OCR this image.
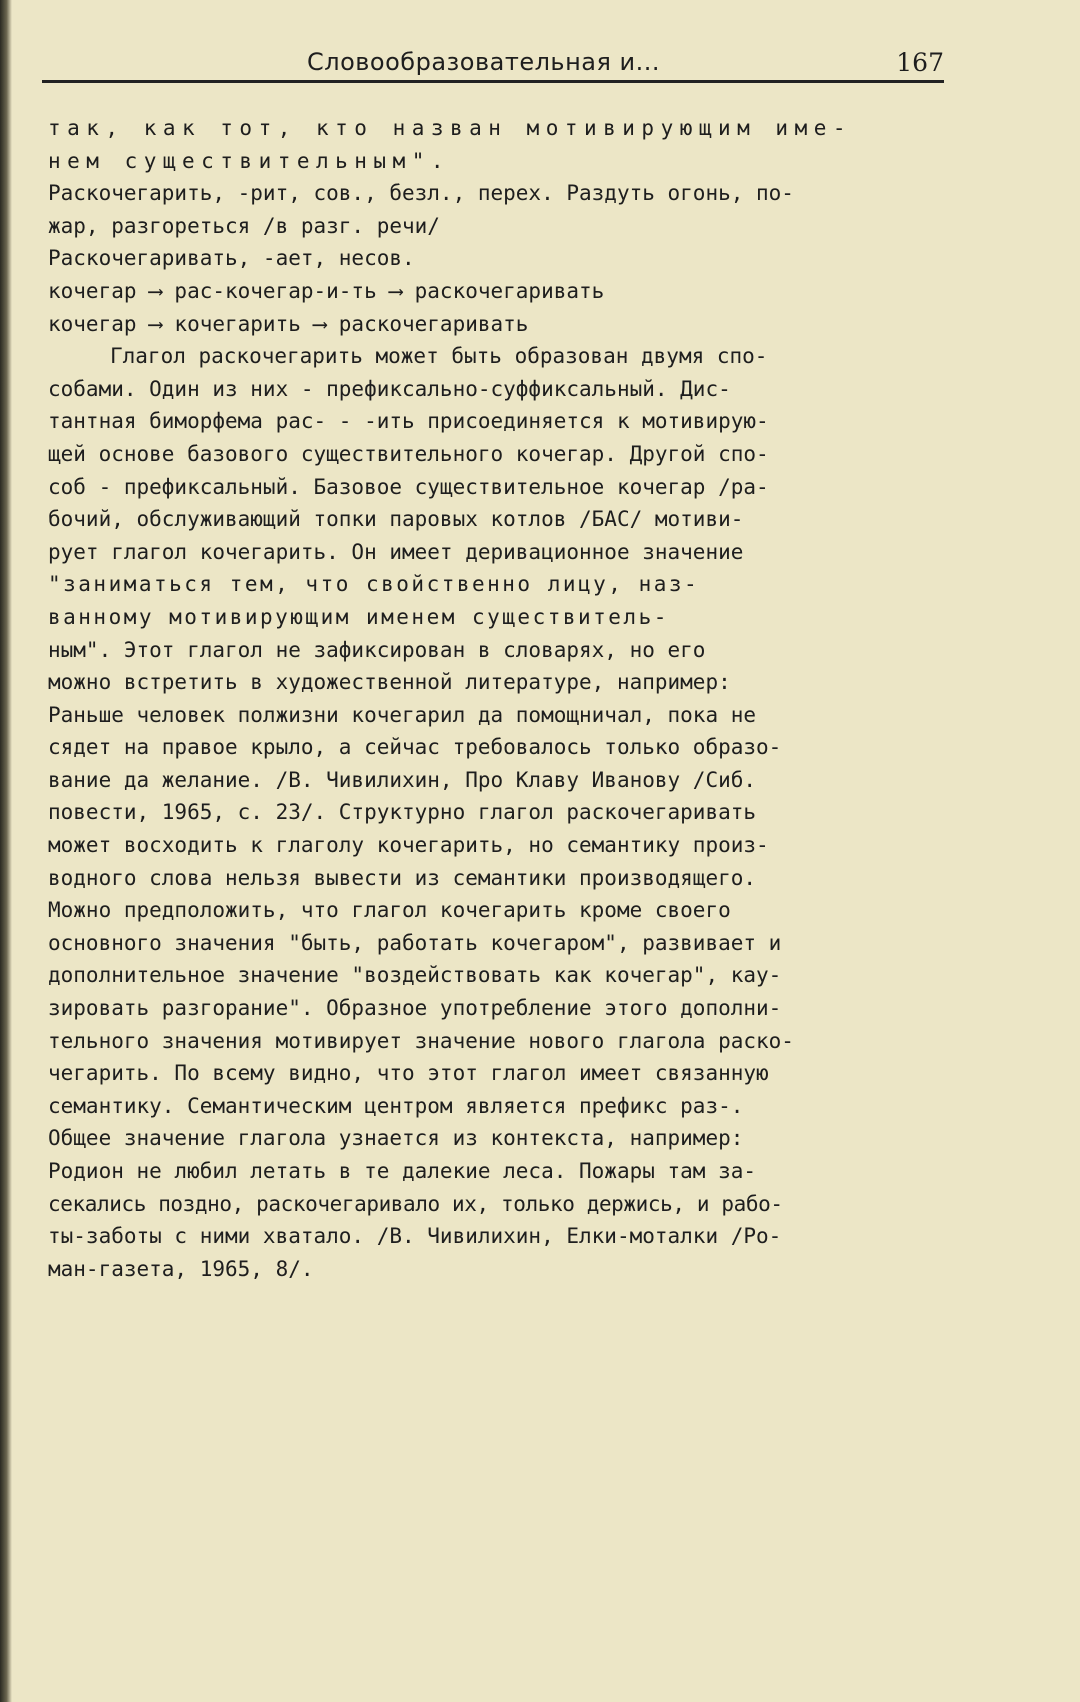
Словообразовательная и...	167
так, как тот, кто назван мотивирующим име-
нем существительным".
Раскочегарить, -рит, сов., безл., перех. Раздуть огонь, по-
жар, разгореться /в разг. речи/
Раскочегаривать, -ает, несов.
кочегар ⟶ рас-кочегар-и-ть ⟶ раскочегаривать
кочегар ⟶ кочегарить ⟶ раскочегаривать
Глагол раскочегарить может быть образован двумя спо-
собами. Один из них - префиксально-суффиксальный. Дис-
тантная биморфема рас- - -ить присоединяется к мотивирую-
щей основе базового существительного кочегар. Другой спо-
соб - префиксальный. Базовое существительное кочегар /ра-
бочий, обслуживающий топки паровых котлов /БАС/ мотиви-
рует глагол кочегарить. Он имеет деривационное значение
"заниматься тем, что свойственно лицу, наз-
ванному мотивирующим именем существитель-
ным". Этот глагол не зафиксирован в словарях, но его
можно встретить в художественной литературе, например:
Раньше человек полжизни кочегарил да помощничал, пока не
сядет на правое крыло, а сейчас требовалось только образо-
вание да желание. /В. Чивилихин, Про Клаву Иванову /Сиб.
повести, 1965, с. 23/. Структурно глагол раскочегаривать
может восходить к глаголу кочегарить, но семантику произ-
водного слова нельзя вывести из семантики производящего.
Можно предположить, что глагол кочегарить кроме своего
основного значения "быть, работать кочегаром", развивает и
дополнительное значение "воздействовать как кочегар", кау-
зировать разгорание". Образное употребление этого дополни-
тельного значения мотивирует значение нового глагола раско-
чегарить. По всему видно, что этот глагол имеет связанную
семантику. Семантическим центром является префикс раз-.
Общее значение глагола узнается из контекста, например:
Родион не любил летать в те далекие леса. Пожары там за-
секались поздно, раскочегаривало их, только держись, и рабо-
ты-заботы с ними хватало. /В. Чивилихин, Елки-моталки /Ро-
ман-газета, 1965, 8/.
